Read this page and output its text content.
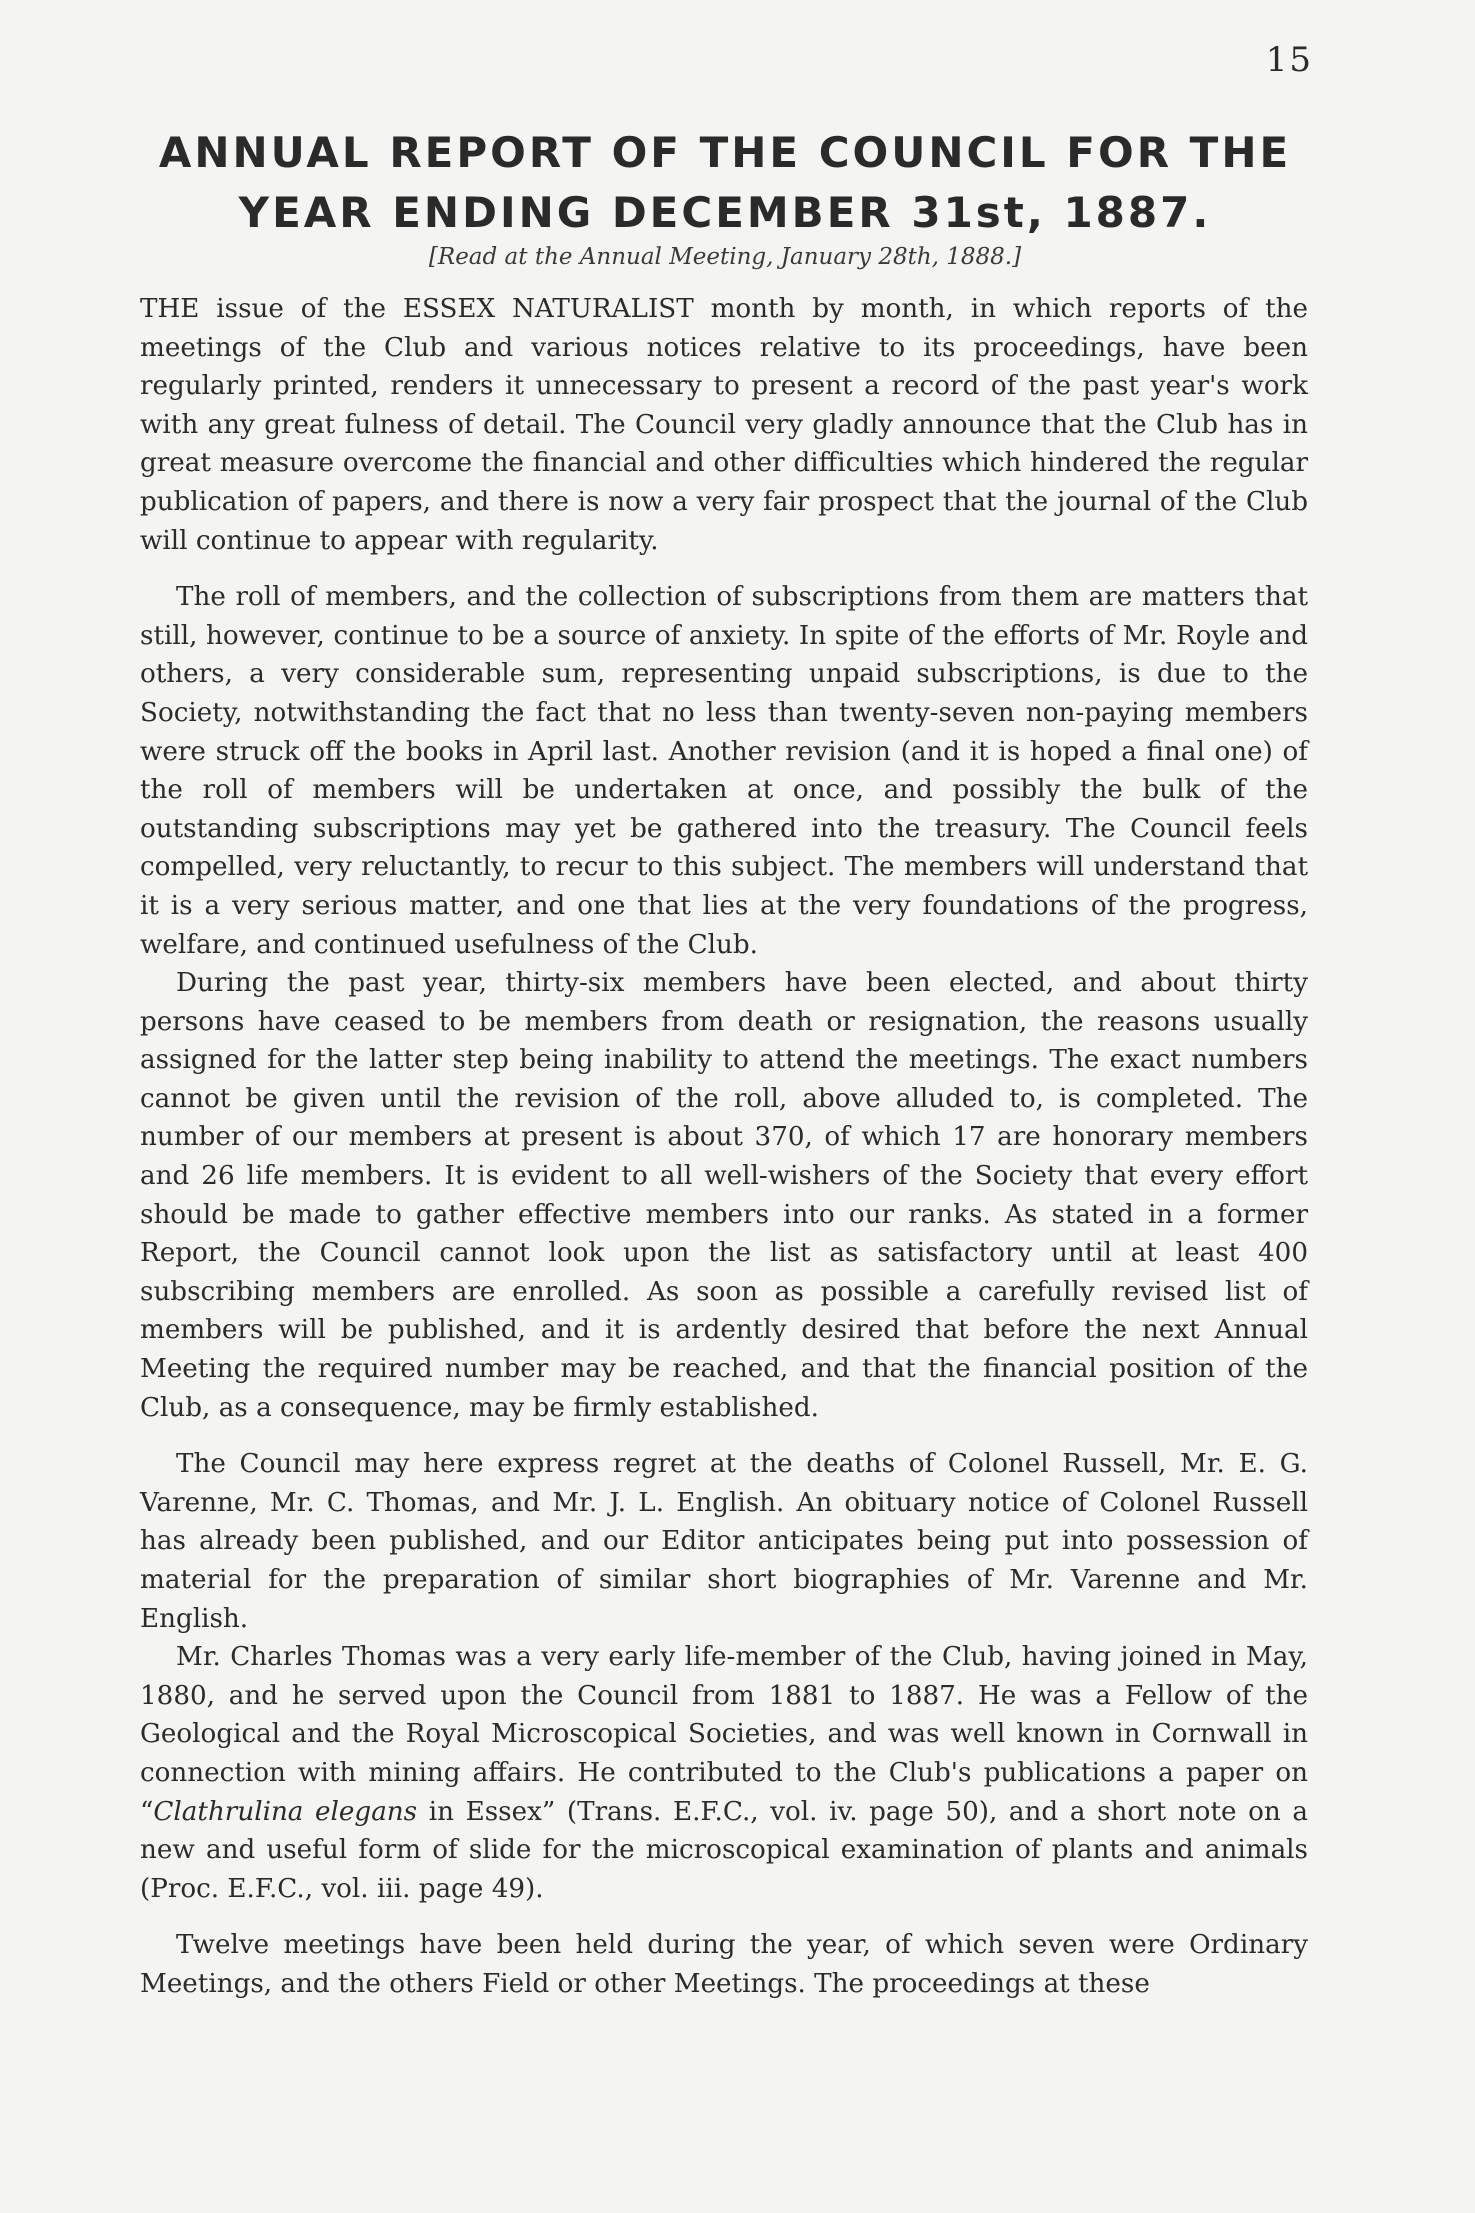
15
ANNUAL REPORT OF THE COUNCIL FOR THE
YEAR ENDING DECEMBER 31st, 1887.
[Read at the Annual Meeting, January 28th, 1888.]

THE issue of the ESSEX NATURALIST month by month, in which reports of the meetings of the Club and various notices relative to its proceedings, have been regularly printed, renders it unnecessary to present a record of the past year's work with any great fulness of detail. The Council very gladly announce that the Club has in great measure overcome the financial and other difficulties which hindered the regular publication of papers, and there is now a very fair prospect that the journal of the Club will continue to appear with regularity.

The roll of members, and the collection of subscriptions from them are matters that still, however, continue to be a source of anxiety. In spite of the efforts of Mr. Royle and others, a very considerable sum, representing unpaid subscriptions, is due to the Society, notwithstanding the fact that no less than twenty-seven non-paying members were struck off the books in April last. Another revision (and it is hoped a final one) of the roll of members will be undertaken at once, and possibly the bulk of the outstanding subscriptions may yet be gathered into the treasury. The Council feels compelled, very reluctantly, to recur to this subject. The members will understand that it is a very serious matter, and one that lies at the very foundations of the progress, welfare, and continued usefulness of the Club.

During the past year, thirty-six members have been elected, and about thirty persons have ceased to be members from death or resignation, the reasons usually assigned for the latter step being inability to attend the meetings. The exact numbers cannot be given until the revision of the roll, above alluded to, is completed. The number of our members at present is about 370, of which 17 are honorary members and 26 life members. It is evident to all well-wishers of the Society that every effort should be made to gather effective members into our ranks. As stated in a former Report, the Council cannot look upon the list as satisfactory until at least 400 subscribing members are enrolled. As soon as possible a carefully revised list of members will be published, and it is ardently desired that before the next Annual Meeting the required number may be reached, and that the financial position of the Club, as a consequence, may be firmly established.

The Council may here express regret at the deaths of Colonel Russell, Mr. E. G. Varenne, Mr. C. Thomas, and Mr. J. L. English. An obituary notice of Colonel Russell has already been published, and our Editor anticipates being put into possession of material for the preparation of similar short biographies of Mr. Varenne and Mr. English.

Mr. Charles Thomas was a very early life-member of the Club, having joined in May, 1880, and he served upon the Council from 1881 to 1887. He was a Fellow of the Geological and the Royal Microscopical Societies, and was well known in Cornwall in connection with mining affairs. He contributed to the Club's publications a paper on “Clathrulina elegans in Essex” (Trans. E.F.C., vol. iv. page 50), and a short note on a new and useful form of slide for the microscopical examination of plants and animals (Proc. E.F.C., vol. iii. page 49).

Twelve meetings have been held during the year, of which seven were Ordinary Meetings, and the others Field or other Meetings. The proceedings at these
